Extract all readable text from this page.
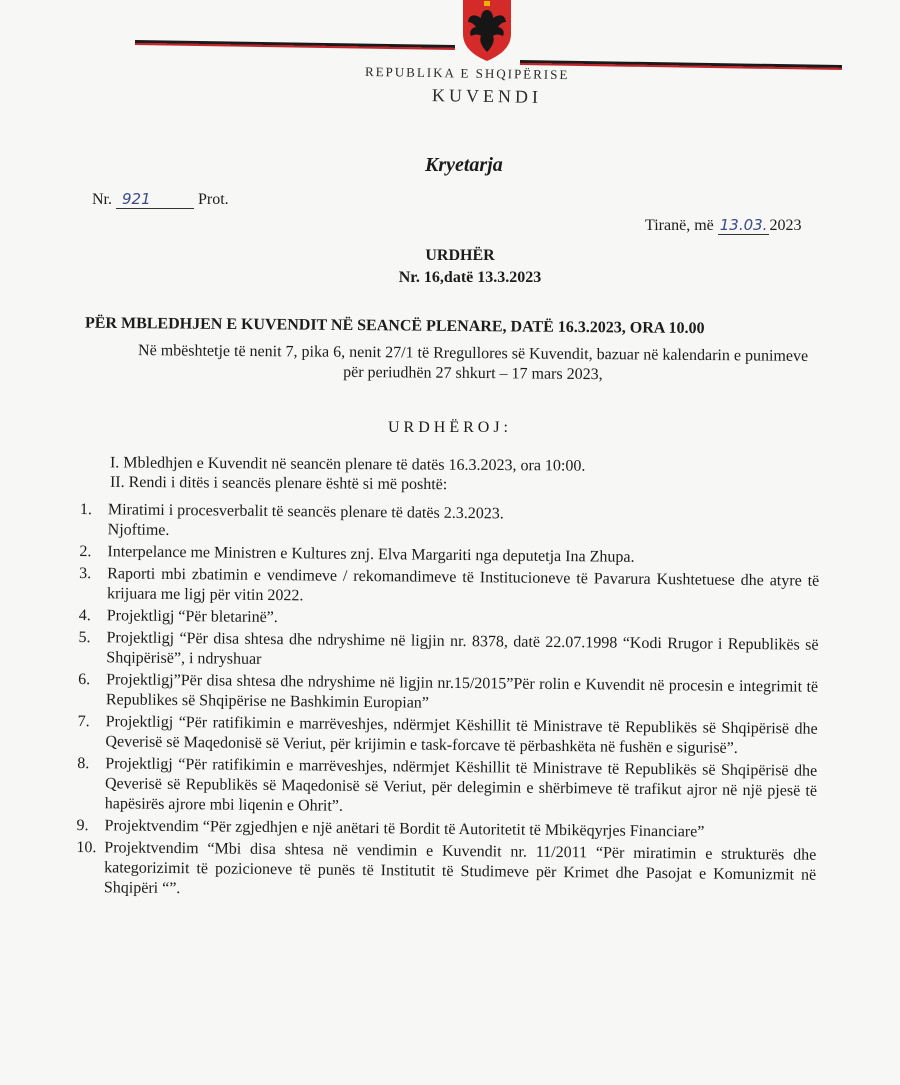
REPUBLIKA E SHQIPËRISE
KUVENDI
Kryetarja
Nr. 921	Prot.
Tiranë, më 13.03. 2023
URDHËR
Nr. 16,datë 13.3.2023
PËR MBLEDHJEN E KUVENDIT NË SEANCË PLENARE, DATË 16.3.2023, ORA 10.00
Në mbështetje të nenit 7, pika 6, nenit 27/1 të Rregullores së Kuvendit, bazuar në kalendarin e punimeve për periudhën 27 shkurt – 17 mars 2023,
URDHËROJ:
I. Mbledhjen e Kuvendit në seancën plenare të datës 16.3.2023, ora 10:00.
II. Rendi i ditës i seancës plenare është si më poshtë:
1. Miratimi i procesverbalit të seancës plenare të datës 2.3.2023.
Njoftime.
2. Interpelance me Ministren e Kultures znj. Elva Margariti nga deputetja Ina Zhupa.
3. Raporti mbi zbatimin e vendimeve / rekomandimeve të Institucioneve të Pavarura Kushtetuese dhe atyre të krijuara me ligj për vitin 2022.
4. Projektligj “Për bletarinë”.
5. Projektligj “Për disa shtesa dhe ndryshime në ligjin nr. 8378, datë 22.07.1998 “Kodi Rrugor i Republikës së Shqipërisë”, i ndryshuar
6. Projektligj”Për disa shtesa dhe ndryshime në ligjin nr.15/2015”Për rolin e Kuvendit në procesin e integrimit të Republikes së Shqipërise ne Bashkimin Europian”
7. Projektligj “Për ratifikimin e marrëveshjes, ndërmjet Këshillit të Ministrave të Republikës së Shqipërisë dhe Qeverisë së Maqedonisë së Veriut, për krijimin e task-forcave të përbashkëta në fushën e sigurisë”.
8. Projektligj “Për ratifikimin e marrëveshjes, ndërmjet Këshillit të Ministrave të Republikës së Shqipërisë dhe Qeverisë së Republikës së Maqedonisë së Veriut, për delegimin e shërbimeve të trafikut ajror në një pjesë të hapësirës ajrore mbi liqenin e Ohrit”.
9. Projektvendim “Për zgjedhjen e një anëtari të Bordit të Autoritetit të Mbikëqyrjes Financiare”
10. Projektvendim “Mbi disa shtesa në vendimin e Kuvendit nr. 11/2011 “Për miratimin e strukturës dhe kategorizimit të pozicioneve të punës të Institutit të Studimeve për Krimet dhe Pasojat e Komunizmit në Shqipëri “”.
